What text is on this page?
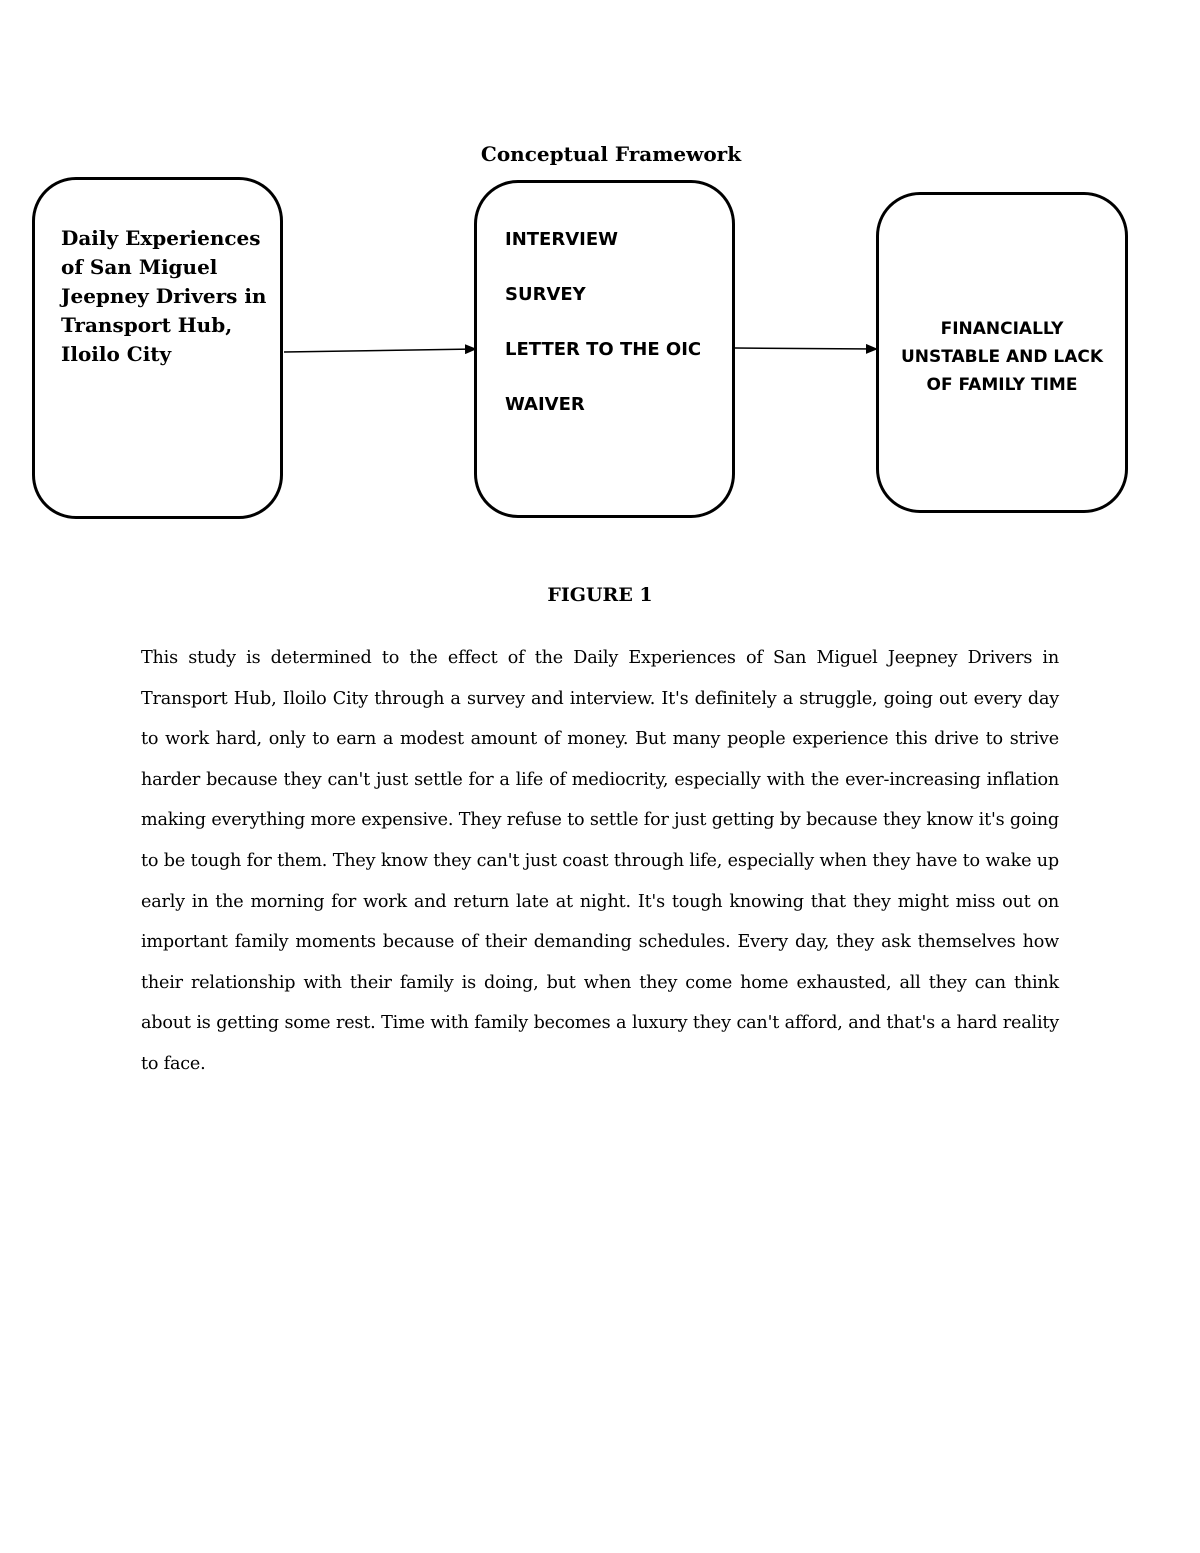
Conceptual Framework
Daily Experiences
of San Miguel
Jeepney Drivers in
Transport Hub,
Iloilo City
INTERVIEW
SURVEY
LETTER TO THE OIC
WAIVER
FINANCIALLY
UNSTABLE AND LACK
OF FAMILY TIME
FIGURE 1

This study is determined to the effect of the Daily Experiences of San Miguel Jeepney Drivers in Transport Hub, Iloilo City through a survey and interview. It's definitely a struggle, going out every day to work hard, only to earn a modest amount of money. But many people experience this drive to strive harder because they can't just settle for a life of mediocrity, especially with the ever-increasing inflation making everything more expensive. They refuse to settle for just getting by because they know it's going to be tough for them. They know they can't just coast through life, especially when they have to wake up early in the morning for work and return late at night. It's tough knowing that they might miss out on important family moments because of their demanding schedules. Every day, they ask themselves how their relationship with their family is doing, but when they come home exhausted, all they can think about is getting some rest. Time with family becomes a luxury they can't afford, and that's a hard reality to face.
